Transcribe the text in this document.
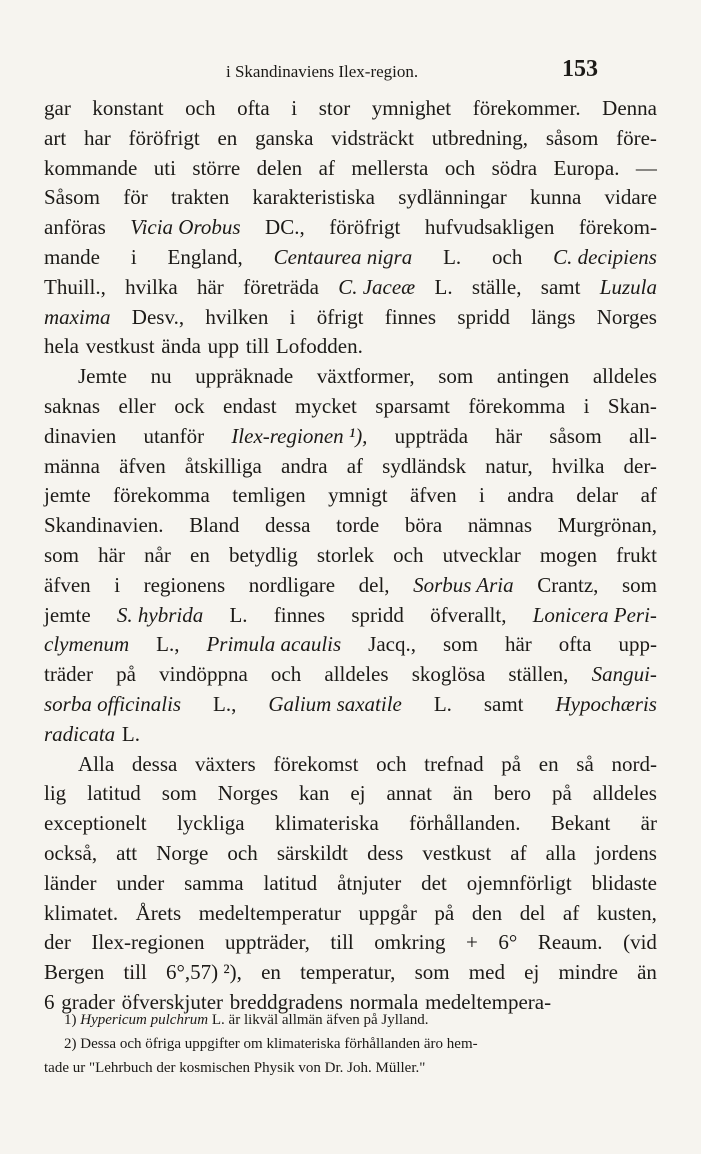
i Skandinaviens Ilex-region.	153
gar konstant och ofta i stor ymnighet förekommer. Denna
art har föröfrigt en ganska vidsträckt utbredning, såsom före-
kommande uti större delen af mellersta och södra Europa. —
Såsom för trakten karakteristiska sydlänningar kunna vidare
anföras Vicia Orobus DC., föröfrigt hufvudsakligen förekom-
mande i England, Centaurea nigra L. och C. decipiens
Thuill., hvilka här företräda C. Jaceæ L. ställe, samt Luzula
maxima Desv., hvilken i öfrigt finnes spridd längs Norges
hela vestkust ända upp till Lofodden.
Jemte nu uppräknade växtformer, som antingen alldeles
saknas eller ock endast mycket sparsamt förekomma i Skan-
dinavien utanför Ilex-regionen ¹), uppträda här såsom all-
männa äfven åtskilliga andra af sydländsk natur, hvilka der-
jemte förekomma temligen ymnigt äfven i andra delar af
Skandinavien. Bland dessa torde böra nämnas Murgrönan,
som här når en betydlig storlek och utvecklar mogen frukt
äfven i regionens nordligare del, Sorbus Aria Crantz, som
jemte S. hybrida L. finnes spridd öfverallt, Lonicera Peri-
clymenum L., Primula acaulis Jacq., som här ofta upp-
träder på vindöppna och alldeles skoglösa ställen, Sangui-
sorba officinalis L., Galium saxatile L. samt Hypochæris
radicata L.
Alla dessa växters förekomst och trefnad på en så nord-
lig latitud som Norges kan ej annat än bero på alldeles
exceptionelt lyckliga klimateriska förhållanden. Bekant är
också, att Norge och särskildt dess vestkust af alla jordens
länder under samma latitud åtnjuter det ojemnförligt blidaste
klimatet. Årets medeltemperatur uppgår på den del af kusten,
der Ilex-regionen uppträder, till omkring + 6° Reaum. (vid
Bergen till 6°,57) ²), en temperatur, som med ej mindre än
6 grader öfverskjuter breddgradens normala medeltempera-
1) Hypericum pulchrum L. är likväl allmän äfven på Jylland.
2) Dessa och öfriga uppgifter om klimateriska förhållanden äro hem-
tade ur "Lehrbuch der kosmischen Physik von Dr. Joh. Müller."
